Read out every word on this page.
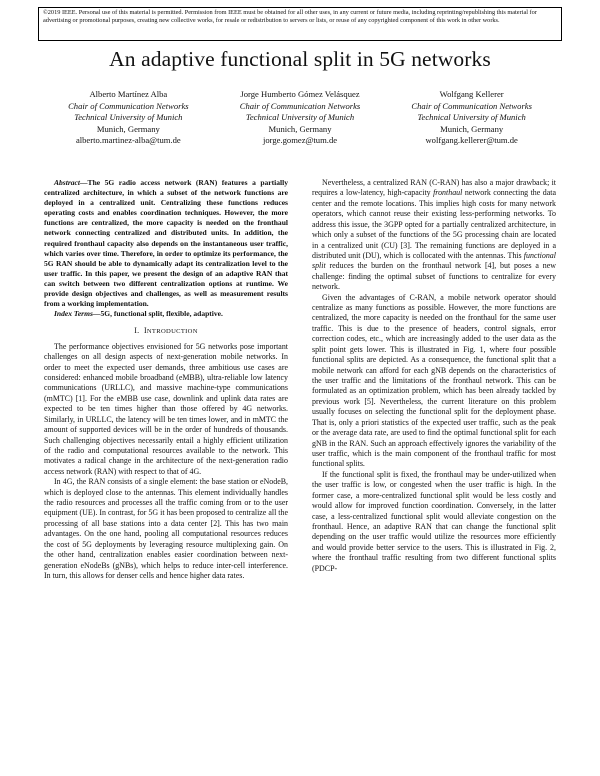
©2019 IEEE. Personal use of this material is permitted. Permission from IEEE must be obtained for all other uses, in any current or future media, including reprinting/republishing this material for advertising or promotional purposes, creating new collective works, for resale or redistribution to servers or lists, or reuse of any copyrighted component of this work in other works.
An adaptive functional split in 5G networks
Alberto Martínez Alba
Chair of Communication Networks
Technical University of Munich
Munich, Germany
alberto.martinez-alba@tum.de
Jorge Humberto Gómez Velásquez
Chair of Communication Networks
Technical University of Munich
Munich, Germany
jorge.gomez@tum.de
Wolfgang Kellerer
Chair of Communication Networks
Technical University of Munich
Munich, Germany
wolfgang.kellerer@tum.de

Abstract—The 5G radio access network (RAN) features a partially centralized architecture, in which a subset of the network functions are deployed in a centralized unit. Centralizing these functions reduces operating costs and enables coordination techniques. However, the more functions are centralized, the more capacity is needed on the fronthaul network connecting centralized and distributed units. In addition, the required fronthaul capacity also depends on the instantaneous user traffic, which varies over time. Therefore, in order to optimize its performance, the 5G RAN should be able to dynamically adapt its centralization level to the user traffic. In this paper, we present the design of an adaptive RAN that can switch between two different centralization options at runtime. We provide design objectives and challenges, as well as measurement results from a working implementation.

Index Terms—5G, functional split, flexible, adaptive.

I. INTRODUCTION

The performance objectives envisioned for 5G networks pose important challenges on all design aspects of next-generation mobile networks. In order to meet the expected user demands, three ambitious use cases are considered: enhanced mobile broadband (eMBB), ultra-reliable low latency communications (URLLC), and massive machine-type communications (mMTC) [1]. For the eMBB use case, downlink and uplink data rates are expected to be ten times higher than those offered by 4G networks. Similarly, in URLLC, the latency will be ten times lower, and in mMTC the amount of supported devices will be in the order of hundreds of thousands. Such challenging objectives necessarily entail a highly efficient utilization of the radio and computational resources available to the network. This motivates a radical change in the architecture of the next-generation radio access network (RAN) with respect to that of 4G.

In 4G, the RAN consists of a single element: the base station or eNodeB, which is deployed close to the antennas. This element individually handles the radio resources and processes all the traffic coming from or to the user equipment (UE). In contrast, for 5G it has been proposed to centralize all the processing of all base stations into a data center [2]. This has two main advantages. On the one hand, pooling all computational resources reduces the cost of 5G deployments by leveraging resource multiplexing gain. On the other hand, centralization enables easier coordination between next-generation eNodeBs (gNBs), which helps to reduce inter-cell interference. In turn, this allows for denser cells and hence higher data rates.

Nevertheless, a centralized RAN (C-RAN) has also a major drawback; it requires a low-latency, high-capacity fronthaul network connecting the data center and the remote locations. This implies high costs for many network operators, which cannot reuse their existing less-performing networks. To address this issue, the 3GPP opted for a partially centralized architecture, in which only a subset of the functions of the 5G processing chain are located in a centralized unit (CU) [3]. The remaining functions are deployed in a distributed unit (DU), which is collocated with the antennas. This functional split reduces the burden on the fronthaul network [4], but poses a new challenge: finding the optimal subset of functions to centralize for every network.

Given the advantages of C-RAN, a mobile network operator should centralize as many functions as possible. However, the more functions are centralized, the more capacity is needed on the fronthaul for the same user traffic. This is due to the presence of headers, control signals, error correction codes, etc., which are increasingly added to the user data as the split point gets lower. This is illustrated in Fig. 1, where four possible functional splits are depicted. As a consequence, the functional split that a mobile network can afford for each gNB depends on the characteristics of the user traffic and the limitations of the fronthaul network. This can be formulated as an optimization problem, which has been already tackled by previous work [5]. Nevertheless, the current literature on this problem usually focuses on selecting the functional split for the deployment phase. That is, only a priori statistics of the expected user traffic, such as the peak or the average data rate, are used to find the optimal functional split for each gNB in the RAN. Such an approach effectively ignores the variability of the user traffic, which is the main component of the fronthaul traffic for most functional splits.

If the functional split is fixed, the fronthaul may be under-utilized when the user traffic is low, or congested when the user traffic is high. In the former case, a more-centralized functional split would be less costly and would allow for improved function coordination. Conversely, in the latter case, a less-centralized functional split would alleviate congestion on the fronthaul. Hence, an adaptive RAN that can change the functional split depending on the user traffic would utilize the resources more efficiently and would provide better service to the users. This is illustrated in Fig. 2, where the fronthaul traffic resulting from two different functional splits (PDCP-
